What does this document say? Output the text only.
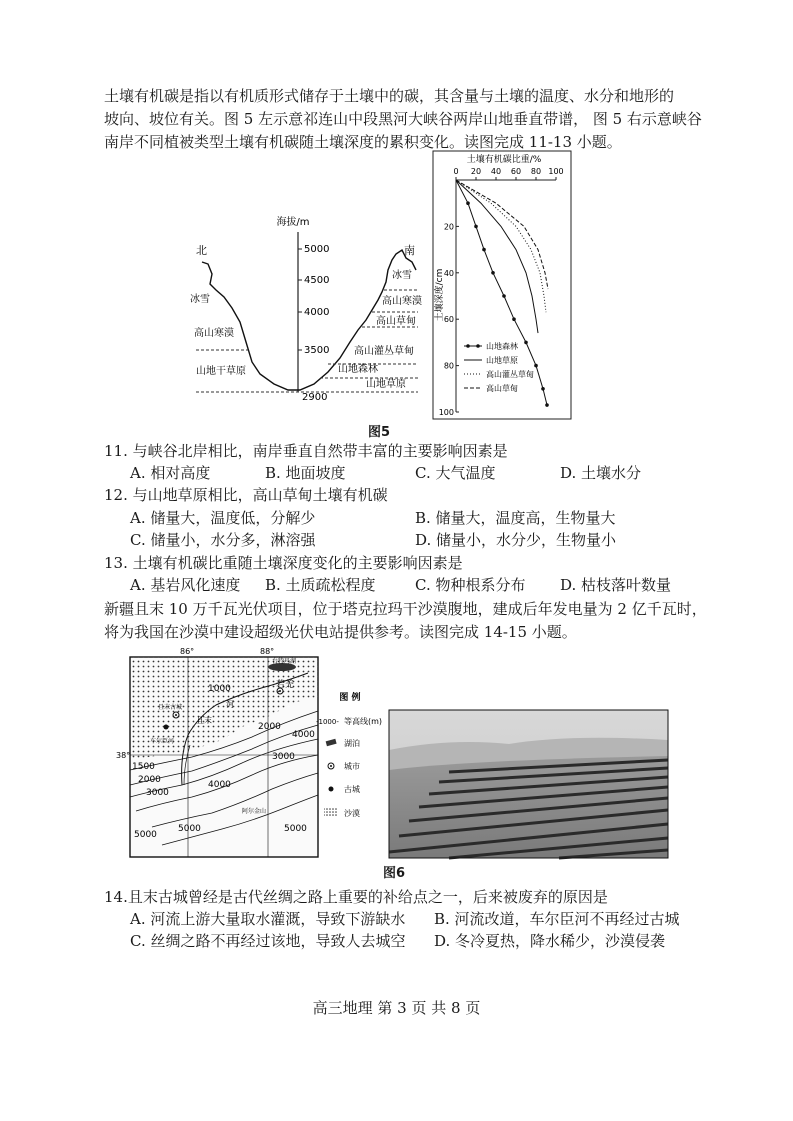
土壤有机碳是指以有机质形式储存于土壤中的碳，其含量与土壤的温度、水分和地形的
坡向、坡位有关。图 5 左示意祁连山中段黑河大峡谷两岸山地垂直带谱， 图 5 右示意峡谷
南岸不同植被类型土壤有机碳随土壤深度的累积变化。读图完成 11-13 小题。
海拔/m
5000
4500
4000
3500
2900
北	南
冰雪
高山寒漠
山地干草原
冰雪
高山寒漠
高山草甸
高山灌丛草甸
山地森林
山地草原
土壤有机碳比重/%
0 20 40 60 80 100
20
40
60
80
100
土壤深度/cm
山地森林
山地草原
高山灌丛草甸
高山草甸
图5
11. 与峡谷北岸相比，南岸垂直自然带丰富的主要影响因素是
A. 相对高度	B. 地面坡度	C. 大气温度	D. 土壤水分
12. 与山地草原相比，高山草甸土壤有机碳
A. 储量大，温度低，分解少	B. 储量大，温度高，生物量大
C. 储量小，水分多，淋溶强	D. 储量小，水分少，生物量小
13. 土壤有机碳比重随土壤深度变化的主要影响因素是
A. 基岩风化速度 B. 土质疏松程度	C. 物种根系分布 D. 枯枝落叶数量
新疆且末 10 万千瓦光伏项目，位于塔克拉玛干沙漠腹地，建成后年发电量为 2 亿千瓦时，
将为我国在沙漠中建设超级光伏电站提供参考。读图完成 14-15 小题。
86°	88°
38°
1000
1500
2000
3000
4000
5000
5000	5000
4000
3000
2000
若羌
且末古城
且末
河
车尔臣河
阿尔金山
台特玛湖
图 例
-1000- 等高线(m)
湖泊
城市
古城
沙漠
图6
14.且末古城曾经是古代丝绸之路上重要的补给点之一，后来被废弃的原因是
A. 河流上游大量取水灌溉，导致下游缺水 B. 河流改道，车尔臣河不再经过古城
C. 丝绸之路不再经过该地，导致人去城空 D. 冬冷夏热，降水稀少，沙漠侵袭
高三地理 第 3 页 共 8 页
